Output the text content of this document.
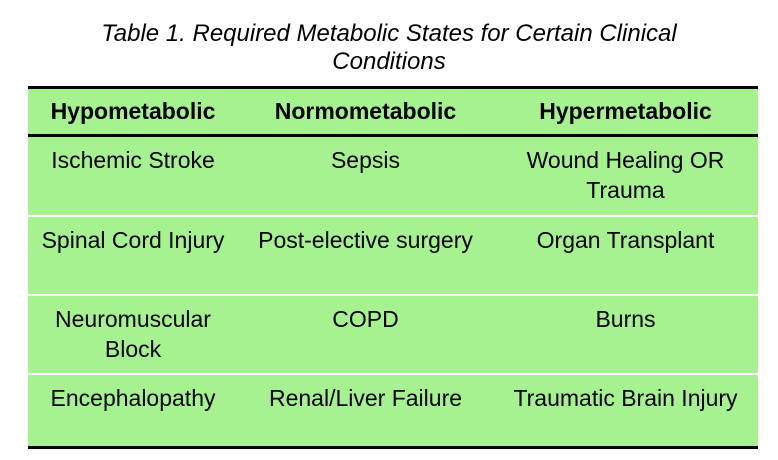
Table 1. Required Metabolic States for Certain Clinical
Conditions
Hypometabolic	Normometabolic	Hypermetabolic
Ischemic Stroke	Sepsis	Wound Healing OR Trauma
Spinal Cord Injury	Post-elective surgery	Organ Transplant
Neuromuscular Block	COPD	Burns
Encephalopathy	Renal/Liver Failure	Traumatic Brain Injury
